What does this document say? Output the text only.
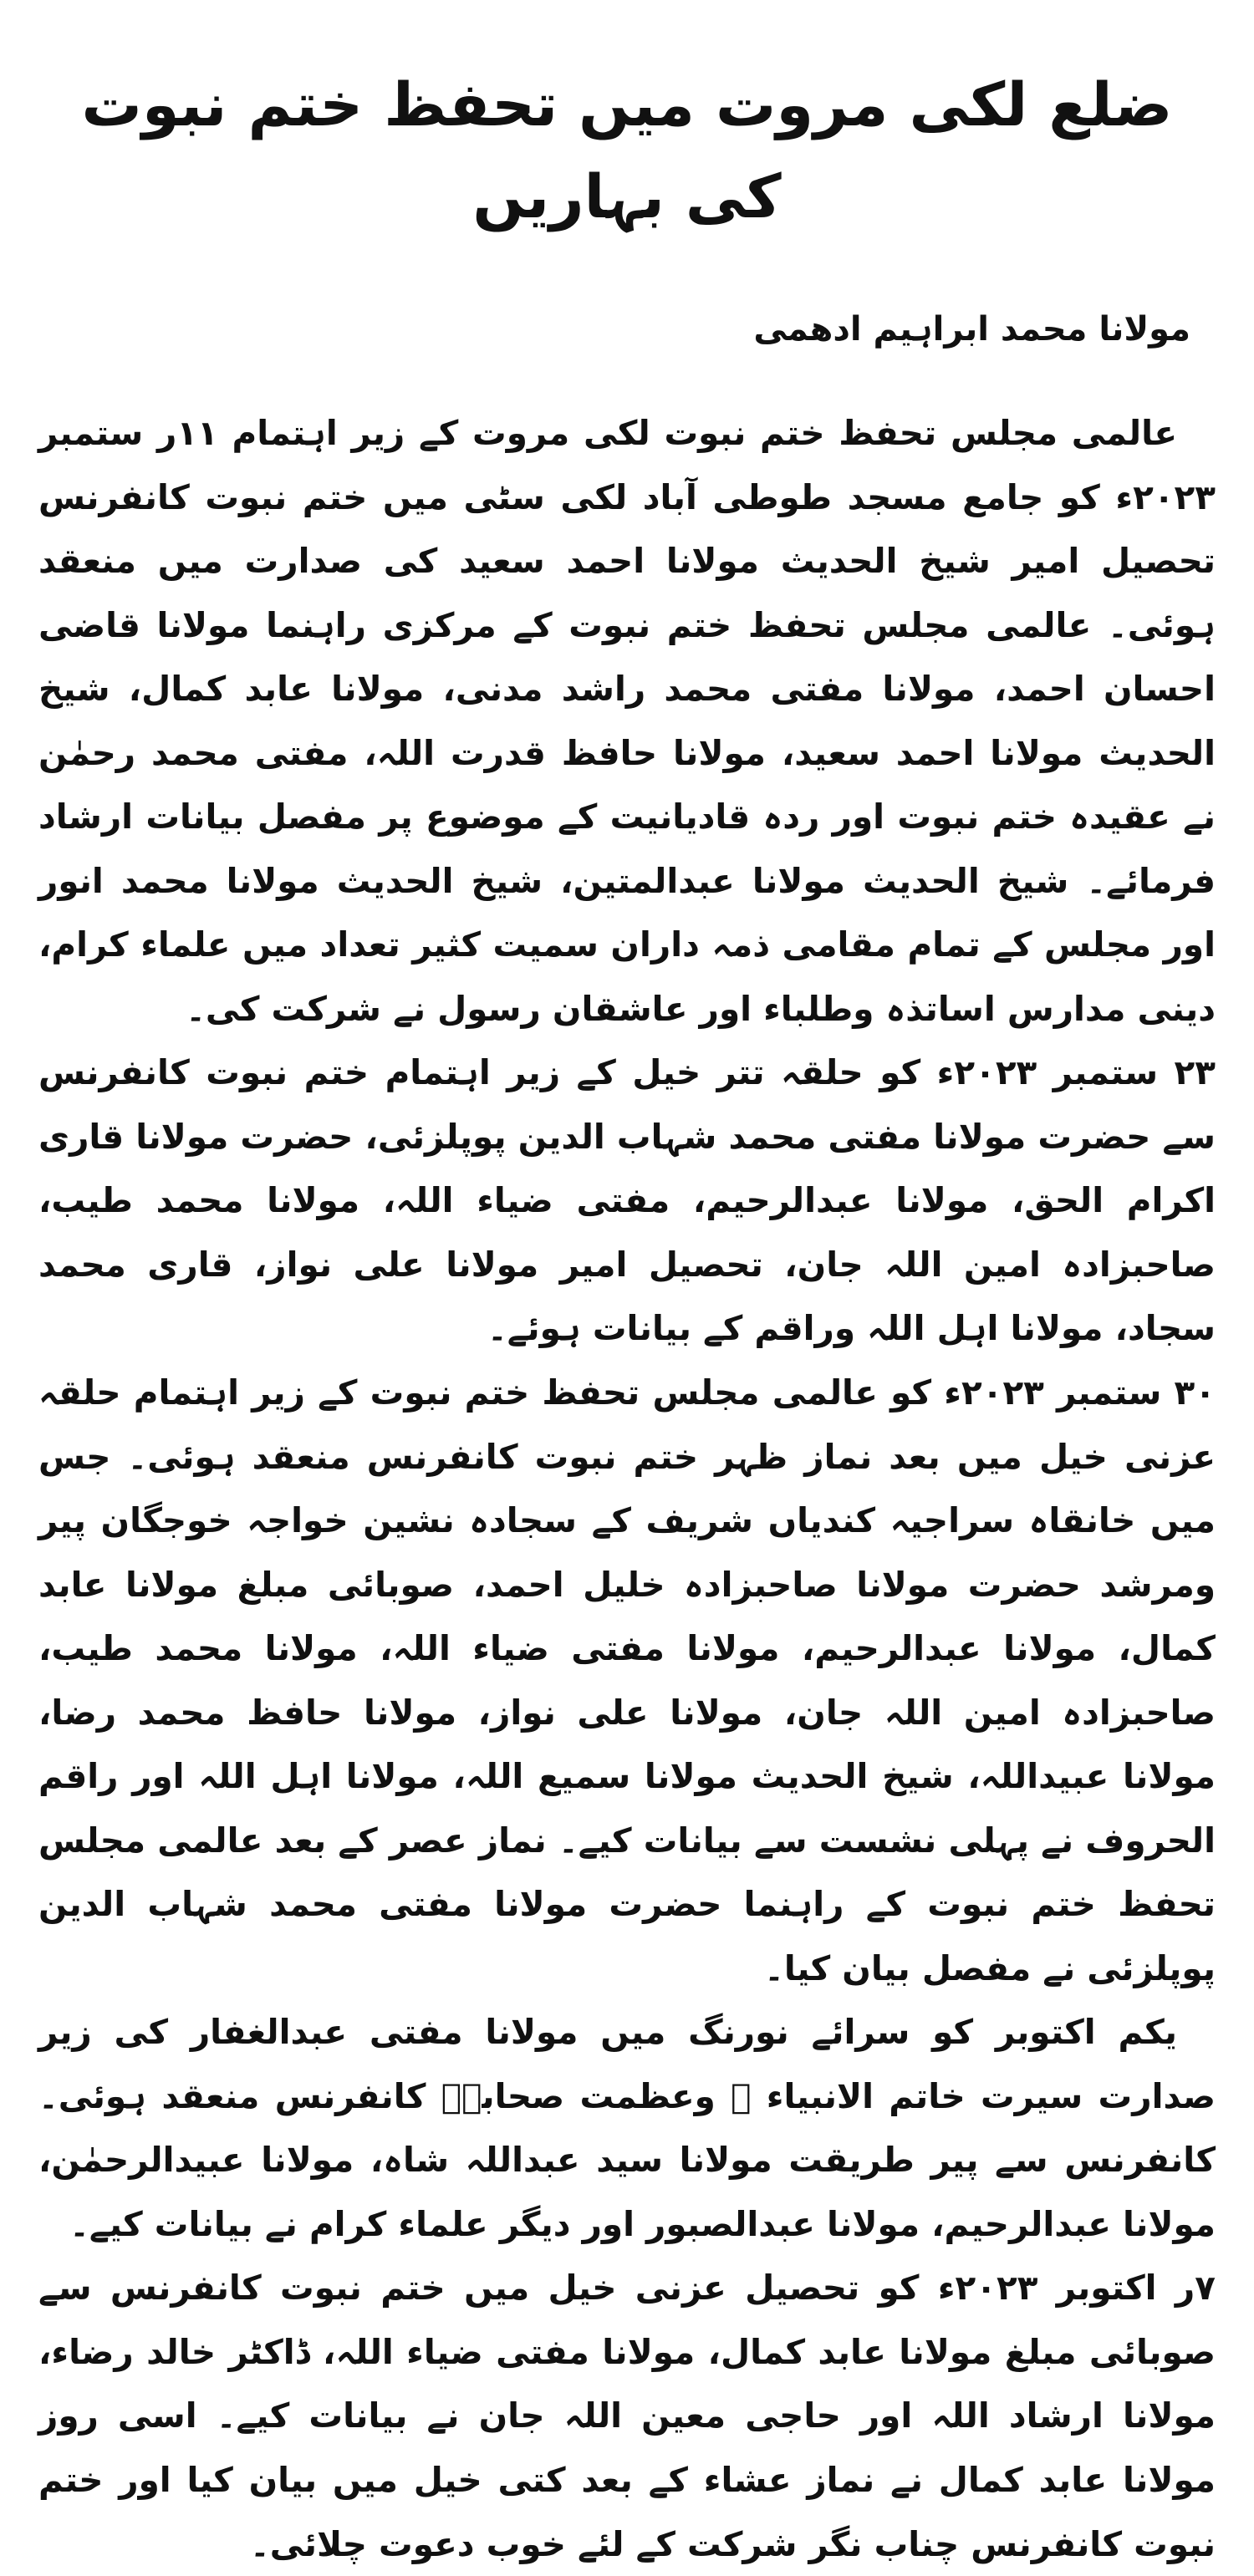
ضلع لکی مروت میں تحفظ ختم نبوت کی بہاریں
مولانا محمد ابراہیم ادھمی

عالمی مجلس تحفظ ختم نبوت لکی مروت کے زیر اہتمام ۱۱ر ستمبر ۲۰۲۳ء کو جامع مسجد طوطی آباد لکی سٹی میں ختم نبوت کانفرنس تحصیل امیر شیخ الحدیث مولانا احمد سعید کی صدارت میں منعقد ہوئی۔ عالمی مجلس تحفظ ختم نبوت کے مرکزی راہنما مولانا قاضی احسان احمد، مولانا مفتی محمد راشد مدنی، مولانا عابد کمال، شیخ الحدیث مولانا احمد سعید، مولانا حافظ قدرت اللہ، مفتی محمد رحمٰن نے عقیدہ ختم نبوت اور ردہ قادیانیت کے موضوع پر مفصل بیانات ارشاد فرمائے۔ شیخ الحدیث مولانا عبدالمتین، شیخ الحدیث مولانا محمد انور اور مجلس کے تمام مقامی ذمہ داران سمیت کثیر تعداد میں علماء کرام، دینی مدارس اساتذہ وطلباء اور عاشقان رسول نے شرکت کی۔

۲۳ ستمبر ۲۰۲۳ء کو حلقہ تتر خیل کے زیر اہتمام ختم نبوت کانفرنس سے حضرت مولانا مفتی محمد شہاب الدین پوپلزئی، حضرت مولانا قاری اکرام الحق، مولانا عبدالرحیم، مفتی ضیاء اللہ، مولانا محمد طیب، صاحبزادہ امین اللہ جان، تحصیل امیر مولانا علی نواز، قاری محمد سجاد، مولانا اہل اللہ وراقم کے بیانات ہوئے۔

۳۰ ستمبر ۲۰۲۳ء کو عالمی مجلس تحفظ ختم نبوت کے زیر اہتمام حلقہ عزنی خیل میں بعد نماز ظہر ختم نبوت کانفرنس منعقد ہوئی۔ جس میں خانقاہ سراجیہ کندیاں شریف کے سجادہ نشین خواجہ خوجگان پیر ومرشد حضرت مولانا صاحبزادہ خلیل احمد، صوبائی مبلغ مولانا عابد کمال، مولانا عبدالرحیم، مولانا مفتی ضیاء اللہ، مولانا محمد طیب، صاحبزادہ امین اللہ جان، مولانا علی نواز، مولانا حافظ محمد رضا، مولانا عبیداللہ، شیخ الحدیث مولانا سمیع اللہ، مولانا اہل اللہ اور راقم الحروف نے پہلی نشست سے بیانات کیے۔ نماز عصر کے بعد عالمی مجلس تحفظ ختم نبوت کے راہنما حضرت مولانا مفتی محمد شہاب الدین پوپلزئی نے مفصل بیان کیا۔

یکم اکتوبر کو سرائے نورنگ میں مولانا مفتی عبدالغفار کی زیر صدارت سیرت خاتم الانبیاء ﷺ وعظمت صحابہؓ کانفرنس منعقد ہوئی۔ کانفرنس سے پیر طریقت مولانا سید عبداللہ شاہ، مولانا عبیدالرحمٰن، مولانا عبدالرحیم، مولانا عبدالصبور اور دیگر علماء کرام نے بیانات کیے۔

۷ر اکتوبر ۲۰۲۳ء کو تحصیل عزنی خیل میں ختم نبوت کانفرنس سے صوبائی مبلغ مولانا عابد کمال، مولانا مفتی ضیاء اللہ، ڈاکٹر خالد رضاء، مولانا ارشاد اللہ اور حاجی معین اللہ جان نے بیانات کیے۔ اسی روز مولانا عابد کمال نے نماز عشاء کے بعد کتی خیل میں بیان کیا اور ختم نبوت کانفرنس چناب نگر شرکت کے لئے خوب دعوت چلائی۔
